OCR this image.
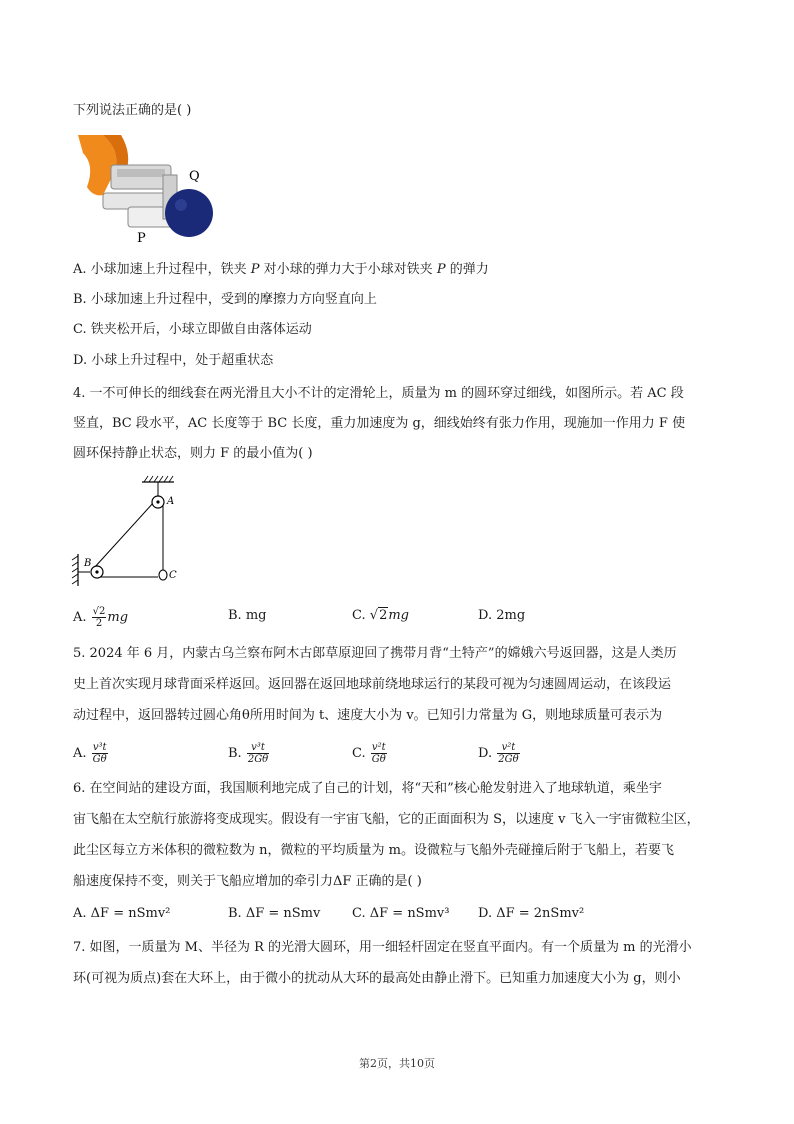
下列说法正确的是( )
Q
P
A. 小球加速上升过程中，铁夹 P 对小球的弹力大于小球对铁夹 P 的弹力
B. 小球加速上升过程中，受到的摩擦力方向竖直向上
C. 铁夹松开后，小球立即做自由落体运动
D. 小球上升过程中，处于超重状态
4. 一不可伸长的细线套在两光滑且大小不计的定滑轮上，质量为 m 的圆环穿过细线，如图所示。若 AC 段
竖直，BC 段水平，AC 长度等于 BC 长度，重力加速度为 g，细线始终有张力作用，现施加一作用力 F 使
圆环保持静止状态，则力 F 的最小值为( )
A
B
C
A. $\frac{√2}{2}$ mg	B. mg	C. √2mg	D. 2mg
5. 2024 年 6 月，内蒙古乌兰察布阿木古郎草原迎回了携带月背“土特产”的嫦娥六号返回器，这是人类历
史上首次实现月球背面采样返回。返回器在返回地球前绕地球运行的某段可视为匀速圆周运动，在该段运
动过程中，返回器转过圆心角θ所用时间为 t、速度大小为 v。已知引力常量为 G，则地球质量可表示为
A. $\frac{\text{v³t}}{G\theta}$	B. $\frac{\text{v³t}}{2G\theta}$	C. $\frac{\text{v²t}}{G\theta}$	D. $\frac{\text{v²t}}{2G\theta}$
6. 在空间站的建设方面，我国顺利地完成了自己的计划，将“天和”核心舱发射进入了地球轨道，乘坐宇
宙飞船在太空航行旅游将变成现实。假设有一宇宙飞船，它的正面面积为 S，以速度 v 飞入一宇宙微粒尘区，
此尘区每立方米体积的微粒数为 n，微粒的平均质量为 m。设微粒与飞船外壳碰撞后附于飞船上，若要飞
船速度保持不变，则关于飞船应增加的牵引力ΔF 正确的是( )
A. ΔF = nSmv²	B. ΔF = nSmv C. ΔF = nSmv³ D. ΔF = 2nSmv²
7. 如图，一质量为 M、半径为 R 的光滑大圆环，用一细轻杆固定在竖直平面内。有一个质量为 m 的光滑小
环(可视为质点)套在大环上，由于微小的扰动从大环的最高处由静止滑下。已知重力加速度大小为 g，则小
第2页，共10页
